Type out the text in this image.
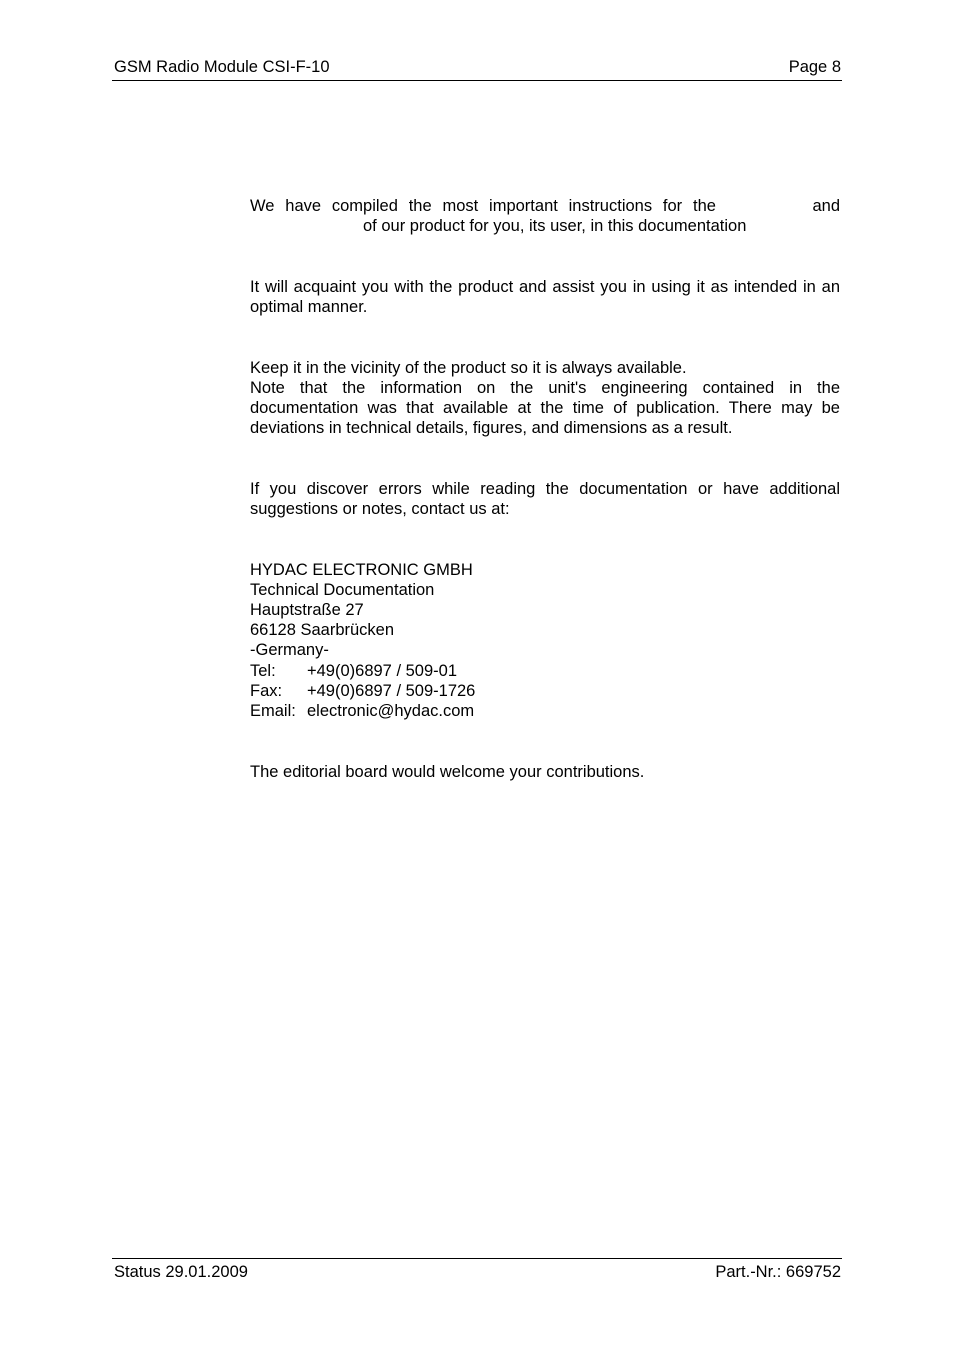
GSM Radio Module CSI-F-10	Page 8
We have compiled the most important instructions for the	and
of our product for you, its user, in this documentation

It will acquaint you with the product and assist you in using it as intended in an optimal manner.

Keep it in the vicinity of the product so it is always available.

Note that the information on the unit's engineering contained in the documentation was that available at the time of publication. There may be deviations in technical details, figures, and dimensions as a result.

If you discover errors while reading the documentation or have additional suggestions or notes, contact us at:

HYDAC ELECTRONIC GMBH
Technical Documentation
Hauptstraße 27
66128 Saarbrücken
-Germany-
Tel: +49(0)6897 / 509-01
Fax: +49(0)6897 / 509-1726
Email: electronic@hydac.com

The editorial board would welcome your contributions.

Status 29.01.2009	Part.-Nr.: 669752
